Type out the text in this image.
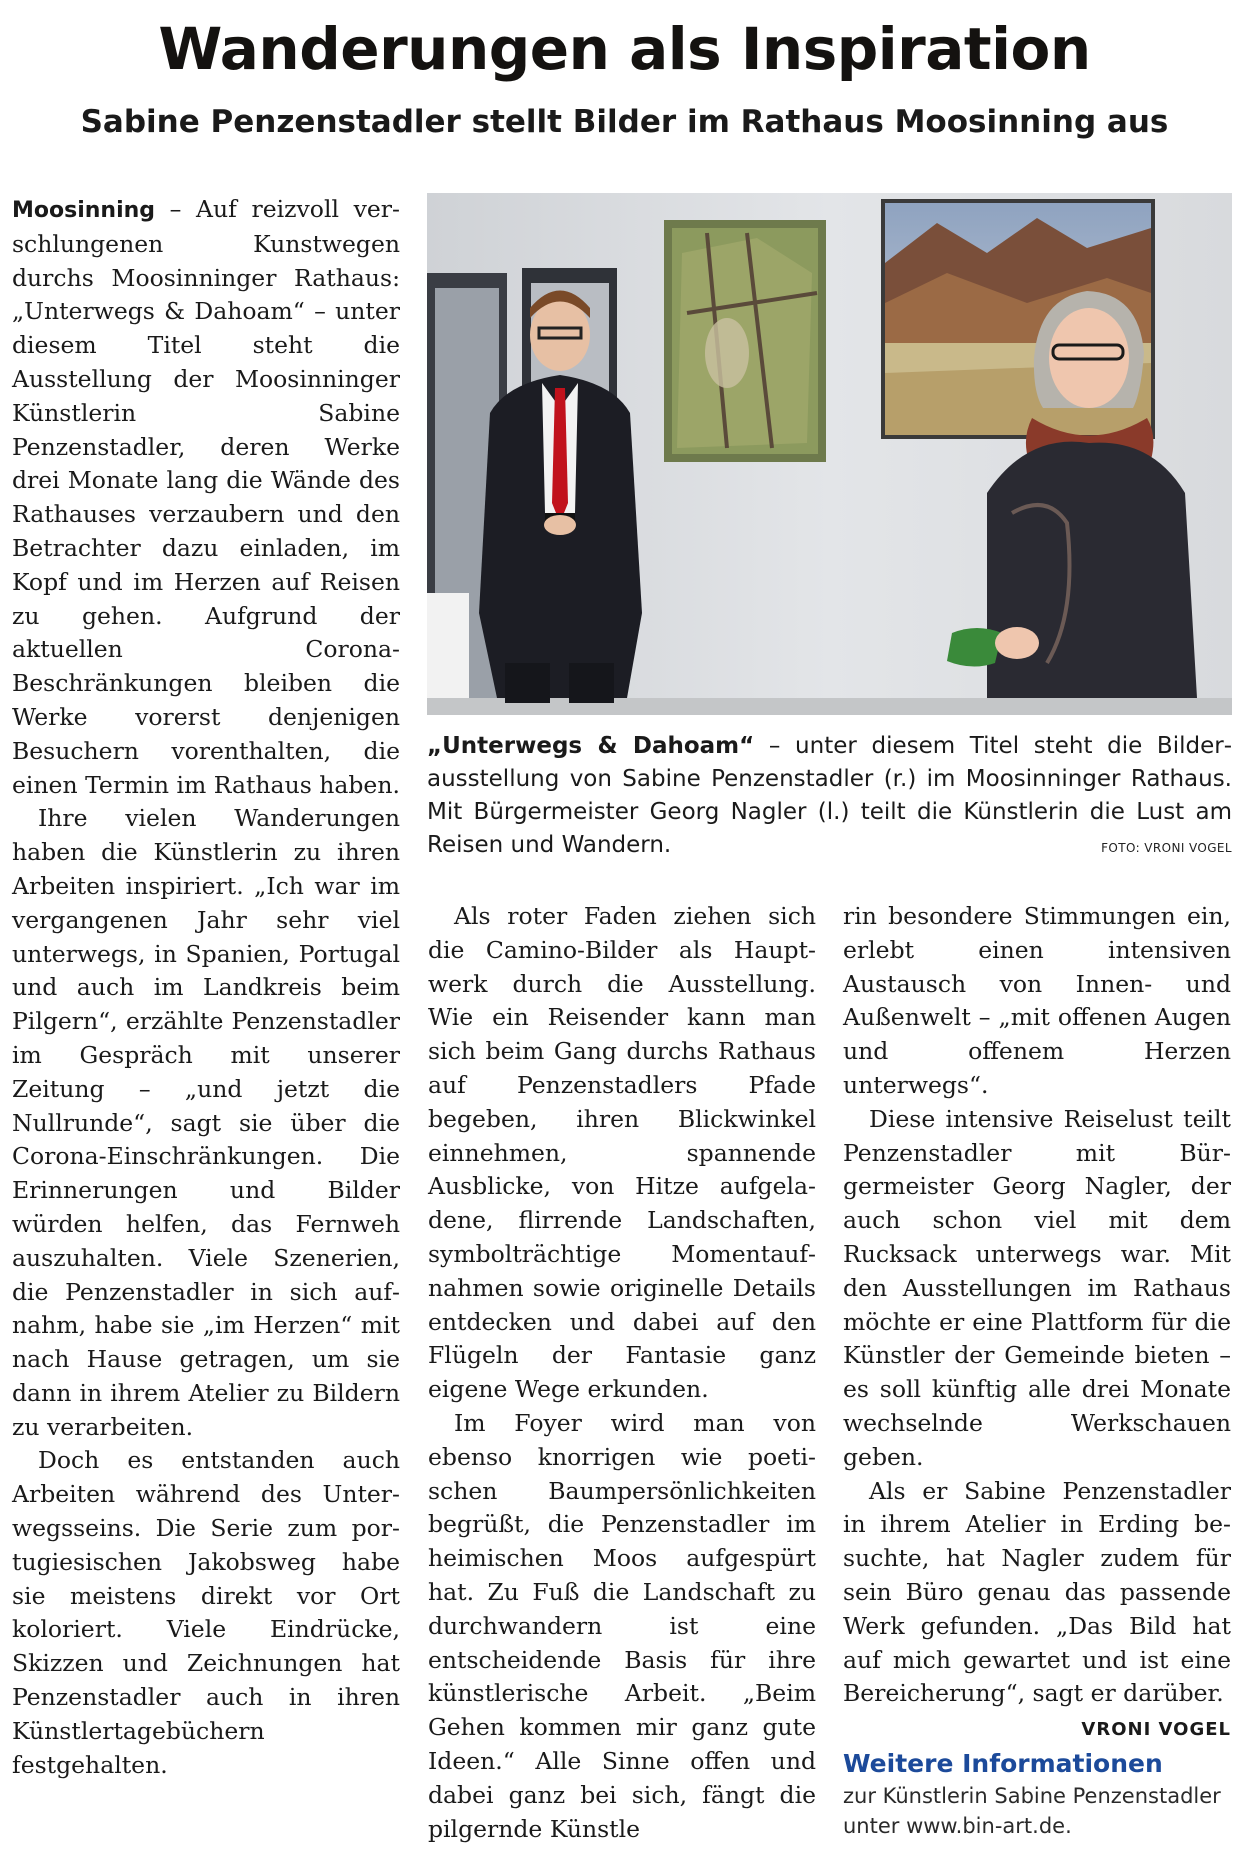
Wanderungen als Inspiration
Sabine Penzenstadler stellt Bilder im Rathaus Moosinning aus

Moosinning – Auf reizvoll verschlungenen Kunstwegen durchs Moosinninger Rathaus: „Unterwegs & Dahoam“ – unter diesem Titel steht die Ausstellung der Moosinninger Künstlerin Sabine Penzenstadler, deren Werke drei Monate lang die Wände des Rathauses verzaubern und den Betrachter dazu einladen, im Kopf und im Herzen auf Reisen zu gehen. Aufgrund der aktuellen Corona-Beschränkungen bleiben die Werke vorerst denjenigen Besuchern vorenthalten, die einen Termin im Rathaus haben.

Ihre vielen Wanderungen haben die Künstlerin zu ihren Arbeiten inspiriert. „Ich war im vergangenen Jahr sehr viel unterwegs, in Spanien, Portugal und auch im Landkreis beim Pilgern“, erzählte Penzenstadler im Gespräch mit unserer Zeitung – „und jetzt die Nullrunde“, sagt sie über die Corona-Einschränkungen. Die Erinnerungen und Bilder würden helfen, das Fernweh auszuhalten. Viele Szenerien, die Penzenstadler in sich aufnahm, habe sie „im Herzen“ mit nach Hause getragen, um sie dann in ihrem Atelier zu Bildern zu verarbeiten.

Doch es entstanden auch Arbeiten während des Unterwegsseins. Die Serie zum portugiesischen Jakobsweg habe sie meistens direkt vor Ort koloriert. Viele Eindrücke, Skizzen und Zeichnungen hat Penzenstadler auch in ihren Künstlertagebüchern festgehalten.

„Unterwegs & Dahoam“ – unter diesem Titel steht die Bilderausstellung von Sabine Penzenstadler (r.) im Moosinninger Rathaus. Mit Bürgermeister Georg Nagler (l.) teilt die Künstlerin die Lust am Reisen und Wandern.	FOTO: VRONI VOGEL

Als roter Faden ziehen sich die Camino-Bilder als Hauptwerk durch die Ausstellung. Wie ein Reisender kann man sich beim Gang durchs Rathaus auf Penzenstadlers Pfade begeben, ihren Blickwinkel einnehmen, spannende Ausblicke, von Hitze aufgeladene, flirrende Landschaften, symbolträchtige Momentaufnahmen sowie originelle Details entdecken und dabei auf den Flügeln der Fantasie ganz eigene Wege erkunden.

Im Foyer wird man von ebenso knorrigen wie poetischen Baumpersönlichkeiten begrüßt, die Penzenstadler im heimischen Moos aufgespürt hat. Zu Fuß die Landschaft zu durchwandern ist eine entscheidende Basis für ihre künstlerische Arbeit. „Beim Gehen kommen mir ganz gute Ideen.“ Alle Sinne offen und dabei ganz bei sich, fängt die pilgernde Künstle

rin besondere Stimmungen ein, erlebt einen intensiven Austausch von Innen- und Außenwelt – „mit offenen Augen und offenem Herzen unterwegs“.

Diese intensive Reiselust teilt Penzenstadler mit Bürgermeister Georg Nagler, der auch schon viel mit dem Rucksack unterwegs war. Mit den Ausstellungen im Rathaus möchte er eine Plattform für die Künstler der Gemeinde bieten – es soll künftig alle drei Monate wechselnde Werkschauen geben.

Als er Sabine Penzenstadler in ihrem Atelier in Erding besuchte, hat Nagler zudem für sein Büro genau das passende Werk gefunden. „Das Bild hat auf mich gewartet und ist eine Bereicherung“, sagt er darüber.
VRONI VOGEL

Weitere Informationen

zur Künstlerin Sabine Penzenstadler unter www.bin-art.de.
